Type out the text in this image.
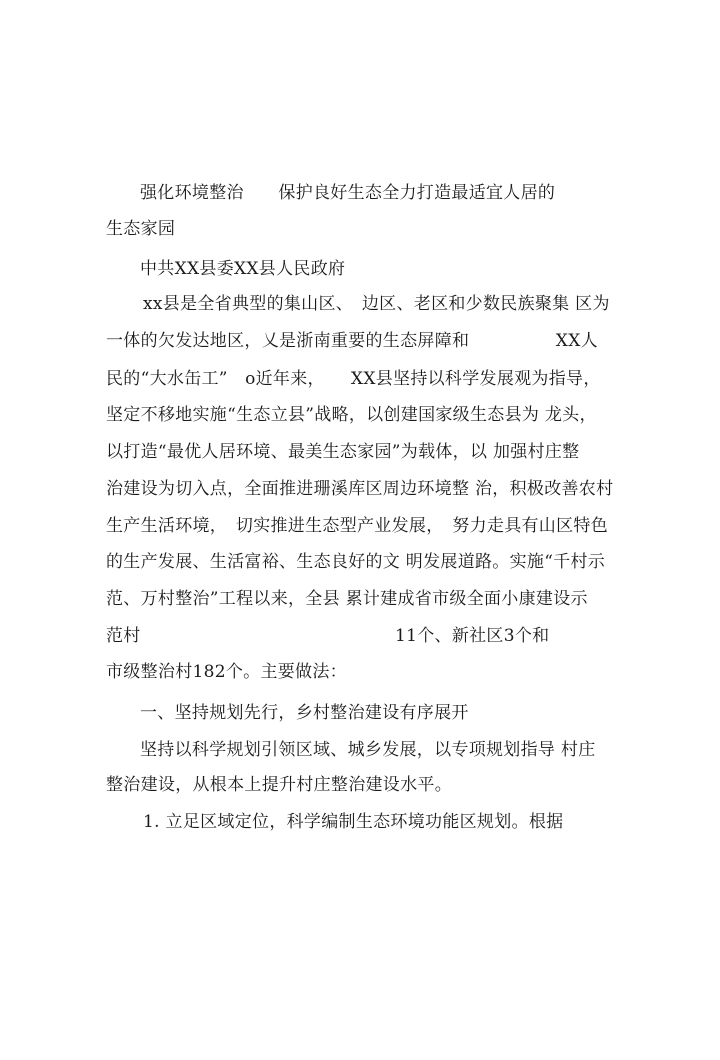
强化环境整治　　保护良好生态全力打造最适宜人居的
生态家园
中共XX县委XX县人民政府
xx县是全省典型的集山区、　边区、老区和少数民族聚集 区为
一体的欠发达地区，乂是浙南重要的生态屏障和　　　　　XX人
民的“大水缶工”　o近年来，　　XX县坚持以科学发展观为指导，
坚定不移地实施“生态立县”战略，以创建国家级生态县为 龙头，
以打造“最优人居环境、最美生态家园”为载体，以 加强村庄整
治建设为切入点，全面推进珊溪库区周边环境整 治，积极改善农村
生产生活环境，　切实推进生态型产业发展，　努力走具有山区特色
的生产发展、生活富裕、生态良好的文 明发展道路。实施“千村示
范、万村整治”工程以来，全县 累计建成省市级全面小康建设示
范村	11个、新社区3个和
市级整治村182个。主要做法：
一、坚持规划先行，乡村整治建设有序展开
坚持以科学规划引领区域、城乡发展，以专项规划指导 村庄
整治建设，从根本上提升村庄整治建设水平。
1. 立足区域定位，科学编制生态环境功能区规划。根据
